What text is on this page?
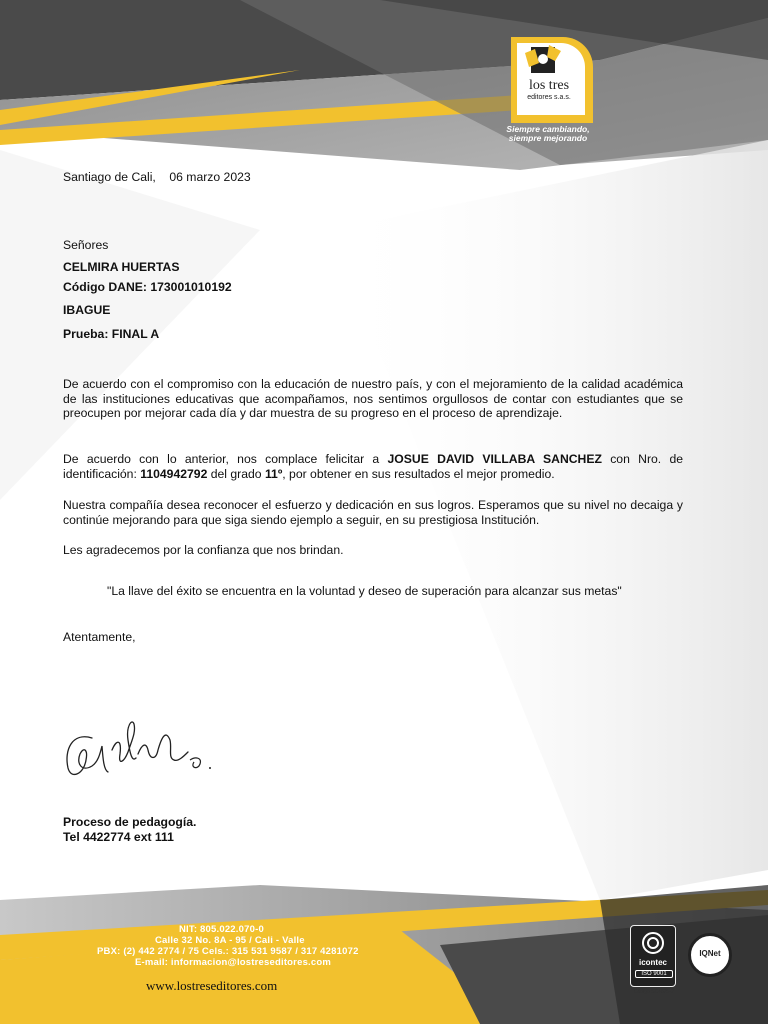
los tres
editores s.a.s.
Siempre cambiando,
siempre mejorando
Santiago de Cali,    06 marzo 2023
Señores
CELMIRA HUERTAS
Código DANE: 173001010192
IBAGUE
Prueba: FINAL A
De acuerdo con el compromiso con la educación de nuestro país, y con el mejoramiento de la calidad académica de las instituciones educativas que acompañamos, nos sentimos orgullosos de contar con estudiantes que se preocupen por mejorar cada día y dar muestra de su progreso en el proceso de aprendizaje.
De acuerdo con lo anterior, nos complace felicitar a JOSUE DAVID VILLABA SANCHEZ con Nro. de identificación: 1104942792 del grado 11º, por obtener en sus resultados el mejor promedio.
Nuestra compañía desea reconocer el esfuerzo y dedicación en sus logros. Esperamos que su nivel no decaiga y continúe mejorando para que siga siendo ejemplo a seguir, en su prestigiosa Institución.
Les agradecemos por la confianza que nos brindan.
"La llave del éxito se encuentra en la voluntad y deseo de superación para alcanzar sus metas"
Atentamente,
Proceso de pedagogía.
Tel 4422774 ext 111
NIT: 805.022.070-0
Calle 32 No. 8A - 95 / Cali - Valle
PBX: (2) 442 2774 / 75 Cels.: 315 531 9587 / 317 4281072
E-mail: informacion@lostreseditores.com
www.lostreseditores.com
icontec
ISO 9001
IQNet
Código SC4825-2
